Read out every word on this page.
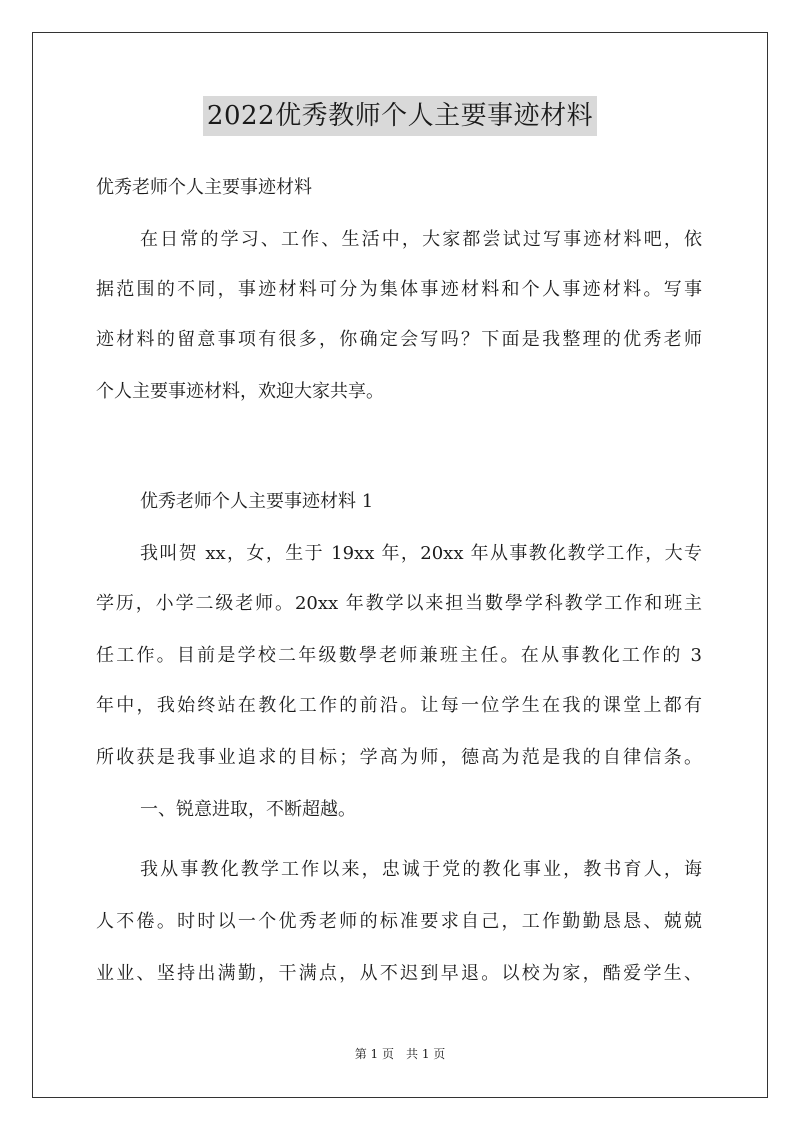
2022优秀教师个人主要事迹材料
优秀老师个人主要事迹材料
在日常的学习、工作、生活中，大家都尝试过写事迹材料吧，依
据范围的不同，事迹材料可分为集体事迹材料和个人事迹材料。写事
迹材料的留意事项有很多，你确定会写吗？下面是我整理的优秀老师
个人主要事迹材料，欢迎大家共享。
优秀老师个人主要事迹材料 1
我叫贺 xx，女，生于 19xx 年，20xx 年从事教化教学工作，大专
学历，小学二级老师。20xx 年教学以来担当數學学科教学工作和班主
任工作。目前是学校二年级數學老师兼班主任。在从事教化工作的 3
年中，我始终站在教化工作的前沿。让每一位学生在我的课堂上都有
所收获是我事业追求的目标；学高为师，德高为范是我的自律信条。
一、锐意进取，不断超越。
我从事教化教学工作以来，忠诚于党的教化事业，教书育人，诲
人不倦。时时以一个优秀老师的标准要求自己，工作勤勤恳恳、兢兢
业业、坚持出满勤，干满点，从不迟到早退。以校为家，酷爱学生、
第 1 页　共 1 页
